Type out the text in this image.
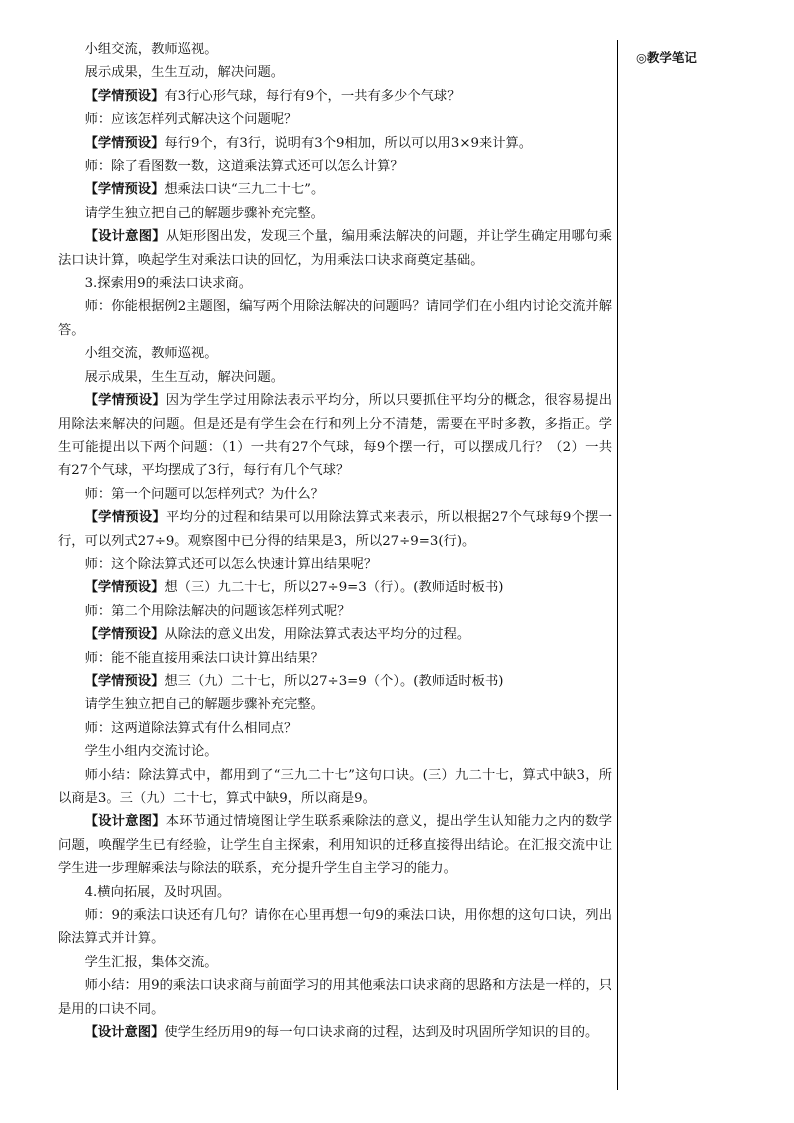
小组交流，教师巡视。

展示成果，生生互动，解决问题。

【学情预设】有3行心形气球，每行有9个，一共有多少个气球？

师：应该怎样列式解决这个问题呢？

【学情预设】每行9个，有3行，说明有3个9相加，所以可以用3×9来计算。

师：除了看图数一数，这道乘法算式还可以怎么计算？

【学情预设】想乘法口诀“三九二十七”。

请学生独立把自己的解题步骤补充完整。

【设计意图】从矩形图出发，发现三个量，编用乘法解决的问题，并让学生确定用哪句乘法口诀计算，唤起学生对乘法口诀的回忆，为用乘法口诀求商奠定基础。

3.探索用9的乘法口诀求商。

师：你能根据例2主题图，编写两个用除法解决的问题吗？请同学们在小组内讨论交流并解答。

小组交流，教师巡视。

展示成果，生生互动，解决问题。

【学情预设】因为学生学过用除法表示平均分，所以只要抓住平均分的概念，很容易提出用除法来解决的问题。但是还是有学生会在行和列上分不清楚，需要在平时多教，多指正。学生可能提出以下两个问题：（1）一共有27个气球，每9个摆一行，可以摆成几行？（2）一共有27个气球，平均摆成了3行，每行有几个气球？

师：第一个问题可以怎样列式？为什么？

【学情预设】平均分的过程和结果可以用除法算式来表示，所以根据27个气球每9个摆一行，可以列式27÷9。观察图中已分得的结果是3，所以27÷9=3(行)。

师：这个除法算式还可以怎么快速计算出结果呢？

【学情预设】想（三）九二十七，所以27÷9=3（行）。(教师适时板书)

师：第二个用除法解决的问题该怎样列式呢？

【学情预设】从除法的意义出发，用除法算式表达平均分的过程。

师：能不能直接用乘法口诀计算出结果？

【学情预设】想三（九）二十七，所以27÷3=9（个）。(教师适时板书)

请学生独立把自己的解题步骤补充完整。

师：这两道除法算式有什么相同点？

学生小组内交流讨论。

师小结：除法算式中，都用到了“三九二十七”这句口诀。(三）九二十七，算式中缺3，所以商是3。三（九）二十七，算式中缺9，所以商是9。

【设计意图】本环节通过情境图让学生联系乘除法的意义，提出学生认知能力之内的数学问题，唤醒学生已有经验，让学生自主探索，利用知识的迁移直接得出结论。在汇报交流中让学生进一步理解乘法与除法的联系，充分提升学生自主学习的能力。

4.横向拓展，及时巩固。

师：9的乘法口诀还有几句？请你在心里再想一句9的乘法口诀，用你想的这句口诀，列出除法算式并计算。

学生汇报，集体交流。

师小结：用9的乘法口诀求商与前面学习的用其他乘法口诀求商的思路和方法是一样的，只是用的口诀不同。

【设计意图】使学生经历用9的每一句口诀求商的过程，达到及时巩固所学知识的目的。

◎教学笔记
